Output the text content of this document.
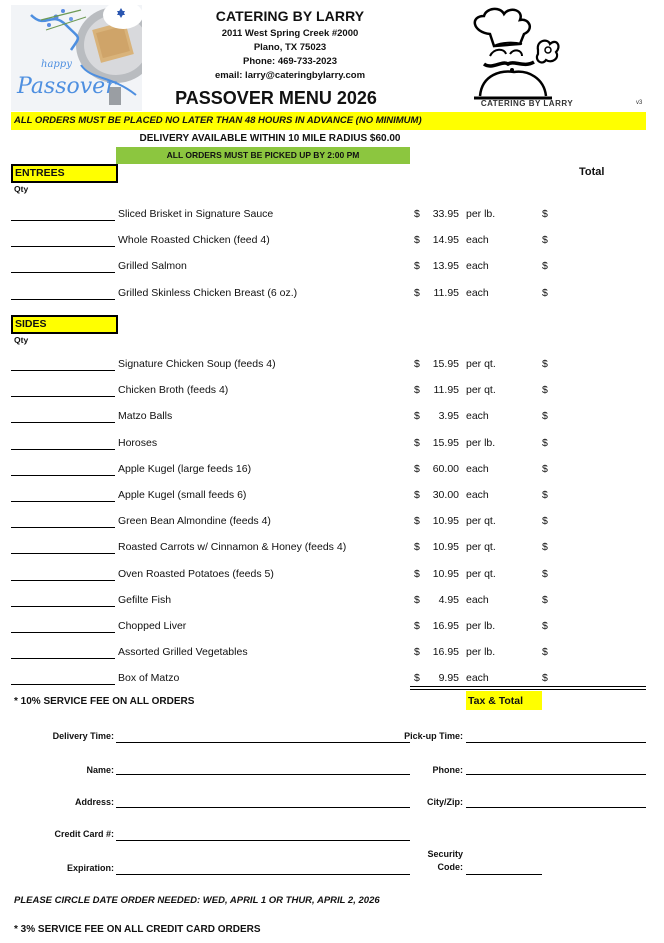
happy
Passover
CATERING BY LARRY
2011 West Spring Creek #2000
Plano, TX 75023
Phone: 469-733-2023
email: larry@cateringbylarry.com
PASSOVER MENU 2026	CATERING BY LARRY	v3
ALL ORDERS MUST BE PLACED NO LATER THAN 48 HOURS IN ADVANCE (NO MINIMUM)
DELIVERY AVAILABLE WITHIN 10 MILE RADIUS $60.00
ALL ORDERS MUST BE PICKED UP BY 2:00 PM
ENTREES	Total
Qty
Sliced Brisket in Signature Sauce	$	33.95 per lb.	$
Whole Roasted Chicken (feed 4)	$	14.95 each	$
Grilled Salmon	$	13.95 each	$
Grilled Skinless Chicken Breast (6 oz.)	$	11.95 each	$
SIDES
Qty
Signature Chicken Soup (feeds 4)	$	15.95 per qt.	$
Chicken Broth (feeds 4)	$	11.95 per qt.	$
Matzo Balls	$	3.95 each	$
Horoses	$	15.95 per lb.	$
Apple Kugel (large feeds 16)	$	60.00 each	$
Apple Kugel (small feeds 6)	$	30.00 each	$
Green Bean Almondine (feeds 4)	$	10.95 per qt.	$
Roasted Carrots w/ Cinnamon & Honey (feeds 4)	$	10.95 per qt.	$
Oven Roasted Potatoes (feeds 5)	$	10.95 per qt.	$
Gefilte Fish	$	4.95 each	$
Chopped Liver	$	16.95 per lb.	$
Assorted Grilled Vegetables	$	16.95 per lb.	$
Box of Matzo	$	9.95 each	$
* 10% SERVICE FEE ON ALL ORDERS	Tax & Total
Delivery Time:	Pick-up Time:
Name:	Phone:
Address:	City/Zip:
Credit Card #:
Expiration:
Security
Code:
PLEASE CIRCLE DATE ORDER NEEDED: WED, APRIL 1 OR THUR, APRIL 2, 2026
* 3% SERVICE FEE ON ALL CREDIT CARD ORDERS
